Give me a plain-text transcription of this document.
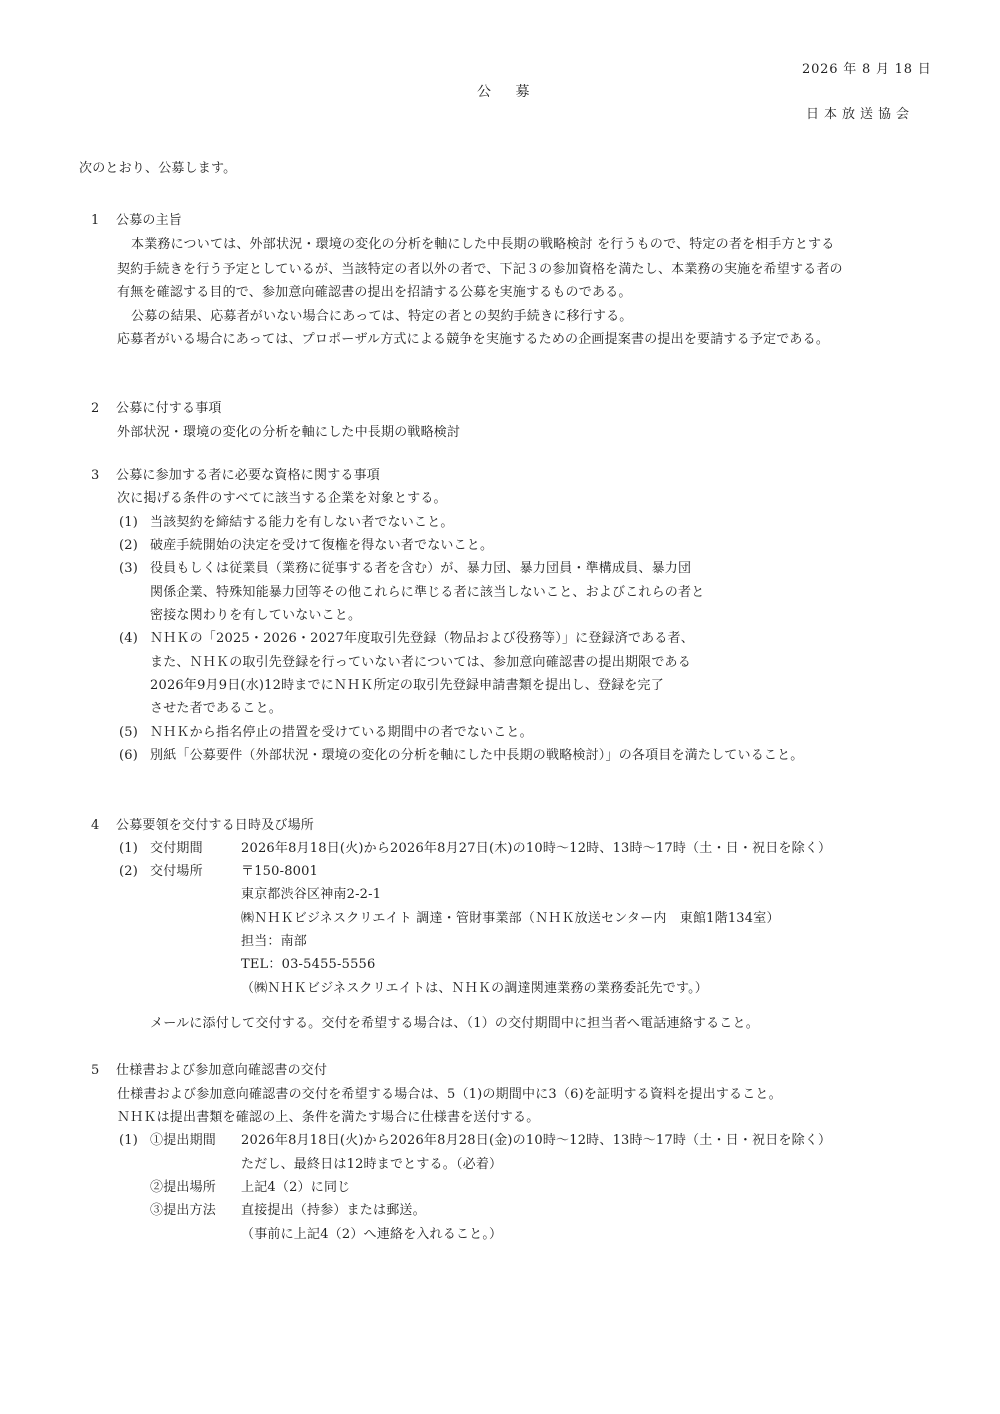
2026 年 8 月 18 日
公 募
日本放送協会
次のとおり、公募します。
1 公募の主旨
本業務については、外部状況・環境の変化の分析を軸にした中長期の戦略検討 を行うもので、特定の者を相手方とする
契約手続きを行う予定としているが、当該特定の者以外の者で、下記３の参加資格を満たし、本業務の実施を希望する者の
有無を確認する目的で、参加意向確認書の提出を招請する公募を実施するものである。
公募の結果、応募者がいない場合にあっては、特定の者との契約手続きに移行する。
応募者がいる場合にあっては、プロポーザル方式による競争を実施するための企画提案書の提出を要請する予定である。
2 公募に付する事項
外部状況・環境の変化の分析を軸にした中長期の戦略検討
3 公募に参加する者に必要な資格に関する事項
次に掲げる条件のすべてに該当する企業を対象とする。
(1) 当該契約を締結する能力を有しない者でないこと。
(2) 破産手続開始の決定を受けて復権を得ない者でないこと。
(3) 役員もしくは従業員（業務に従事する者を含む）が、暴力団、暴力団員・準構成員、暴力団
関係企業、特殊知能暴力団等その他これらに準じる者に該当しないこと、およびこれらの者と
密接な関わりを有していないこと。
(4) ＮＨＫの「2025・2026・2027年度取引先登録（物品および役務等）」に登録済である者、
また、ＮＨＫの取引先登録を行っていない者については、参加意向確認書の提出期限である
2026年9月9日(水)12時までにＮＨＫ所定の取引先登録申請書類を提出し、登録を完了
させた者であること。
(5) ＮＨＫから指名停止の措置を受けている期間中の者でないこと。
(6) 別紙「公募要件（外部状況・環境の変化の分析を軸にした中長期の戦略検討）」の各項目を満たしていること。
4 公募要領を交付する日時及び場所
(1) 交付期間	2026年8月18日(火)から2026年8月27日(木)の10時～12時、13時～17時（土・日・祝日を除く）
(2) 交付場所	〒150-8001
東京都渋谷区神南2-2-1
㈱ＮＨＫビジネスクリエイト 調達・管財事業部（ＮＨＫ放送センター内　東館1階134室）
担当：南部
TEL：03-5455-5556
（㈱ＮＨＫビジネスクリエイトは、ＮＨＫの調達関連業務の業務委託先です。）
メールに添付して交付する。交付を希望する場合は、（1）の交付期間中に担当者へ電話連絡すること。
5 仕様書および参加意向確認書の交付
仕様書および参加意向確認書の交付を希望する場合は、5（1)の期間中に3（6)を証明する資料を提出すること。
ＮＨＫは提出書類を確認の上、条件を満たす場合に仕様書を送付する。
(1) ①提出期間 2026年8月18日(火)から2026年8月28日(金)の10時～12時、13時～17時（土・日・祝日を除く）
ただし、最終日は12時までとする。（必着）
②提出場所 上記4（2）に同じ
③提出方法 直接提出（持参）または郵送。
（事前に上記4（2）へ連絡を入れること。）
